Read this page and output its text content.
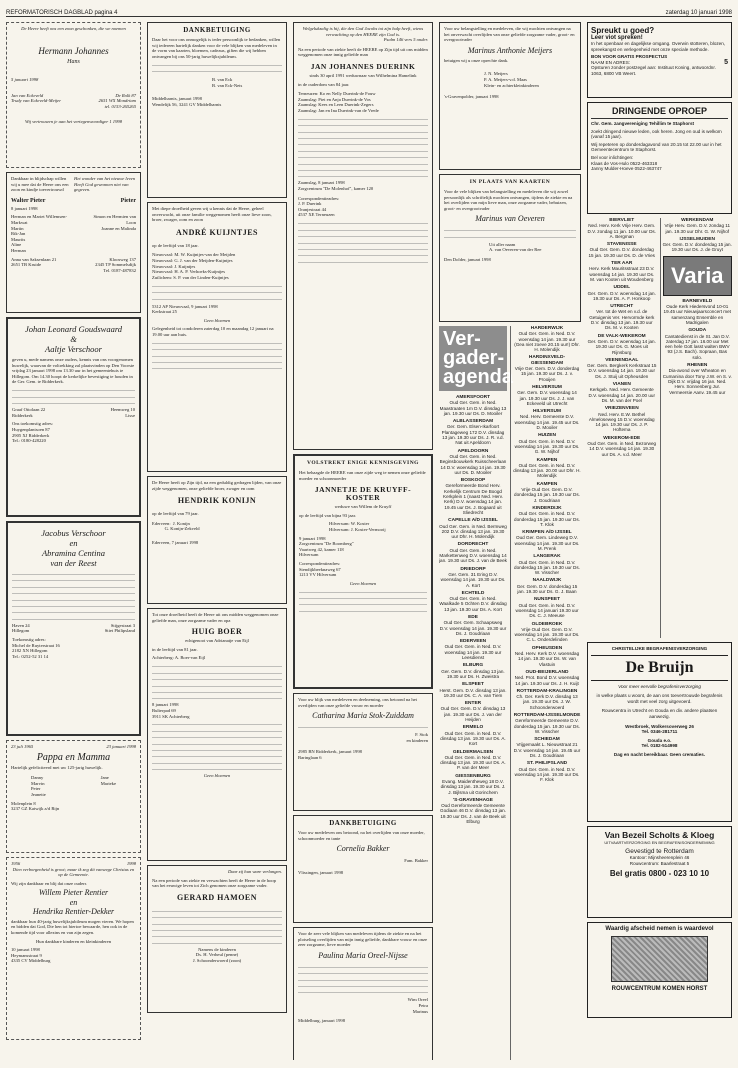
REFORMATORISCH DAGBLAD pagina 4	zaterdag 10 januari 1998
De Heere heeft ons een zoon geschonken, die we noemen
Hermann Johannes
Hans
5 januari 1998
Jan van Eckeveld
Trudy van Eckeveld-Meijer
De Rolk 87
2651 WX Mondriam
tel. 0153-265265
Wij vertrouwen je aan het vertegenwoordiger 1 1998
Dankbaar in blijdschap willen wij u mee dat de Heere ons een zoon en kindje toevertrouwd
Het wonder van het nieuwe leven
Heeft God gewonnen niet van gegeven.
Walter Pieter	Pieter
8 januari 1998
Herman en Mariet Willemsen-Markwat
Martin
Rik-Jan
Maurits
Aline
Herman
Simon en Hermien van Loon
Joanne en Malinda
Anna van Saksenlaan 21
2651 TB Kruide
Kloosweg 137
2345 TP Sommelsdijk
Tel. 0187-487832
Johan Leonard Goudswaard
&
Aaltje Verschoor
geven u, mede namens onze ouders, kennis van ons voorgenomen huwelijk, waarvan de voltrekking zal plaatsvinden op Den Voorste vrijdag 23 januari 1998 om 13.30 uur in het gemeentehuis te Hillegom. Om 14.30 hoopt de kerkelijke bevestiging te houden in de Ger. Gem. te Ridderkerk.
Graaf Ottolaan 22
Ridderkerk
Heemweg 10
Lisse
Ons toekomstig adres:
Huygenplantsoen 87
2905 XJ Ridderkerk
Tel.: 0180-428220
Jacobus Verschoor
en
Abramina Centina
van der Reest
Haven 24
Hillegom
Stijgestraat 3
Stiet Philipsland
Toekomstig adres:
Michel de Ruyterstraat 16
2182 XN Hillegom
Tel.: 0252-52 31 14
23 juli 1965	23 januari 1998
Pappa en Mamma
Hartelijk gefeliciteerd met uw 125-jarig huwelijk.
Danny
Marvin
Peter
Jeanette
Jane
Marieke
Molenplein 8
3237 GZ Katwijk a/d Rijn
1956	1998
Dien verborgenheid is groot; maar ik zeg dit vanwege Christus en op de Gemeente.
Wij zijn dankbaar en blij dat onze ouders
Willem Pieter Rentier
en
Hendrika Rentier-Dekker
dankbaar hun 40-jarig huwelijksjubileum mogen vieren. We hopen en bidden dat God, Die hen tot hiertoe bewaarde, hen ook in de komende tijd voor allezins en van zijn zegen.
Hun dankbare kinderen en kleinkinderen
10 januari 1998
Heymansstraat 9
4335 CV Middelburg
DANKBETUIGING
Daar het voor ons onmogelijk is ieder persoonlijk te bedanken, willen wij iedereen hartelijk danken voor de vele blijken van medeleven in de vorm van kaarten, bloemen, cadeaus, giften die wij hebben ontvangen bij ons 50-jarig huwelijksjubileum.
B. van Eck
B. van Eck-Nets
Middelharnis, januari 1998
Wendelijk 56, 3241 GV Middelharnis
Met diepe droefheid geven wij u kennis dat de Heere, geheel onverwacht, uit onze familie weggenomen heeft onze lieve zoon, broer, zwager, oom en zoon
ANDRÉ KUIJNTJES
op de leeftijd van 18 jaar.
Nieuwvaal: M. W. Kuijntjes-van der Meijden
Nieuwvaal: G. J. van der Meijden-Kuijntjes
Nieuwvaal: J. Kuijntjes
Nieuwvaal: H. A. P. Verhoeks-Kuijntjes
Zuilichem: S. P. van der Linden-Kuijntjes
5312 AP Nieuwvaal, 9 januari 1998
Kerkstraat 25
Geen bloemen
Gelegenheid tot condoleren zaterdag 10 en maandag 12 januari na 19.00 uur aan huis.
De Heere heeft op Zijn tijd, na een geduldig gedragen lijden, van onze zijde weggenomen, onze geliefde broer, zwager en oom
HENDRIK KONIJN
op de leeftijd van 79 jaar.
Ederveen:  J. Konijn
G. Konijn-Zekveld
Ederveen, 7 januari 1998
Tot onze droefheid heeft de Heere uit ons midden weggenomen onze geliefde man, onze zorgzame vader en opa
HUIG BOER
echtgenoot van Adrianatje van Eijl
in de leeftijd van 81 jaar.
Achterberg: A. Boer-van Eijl
8 januari 1998
Bulterpad 69
3911 SK Achterberg
Geen bloemen
Daar zij hun ware verlangen.
Na een periode van ziekte en verwachten heeft de Heere in de hoop van het eeuwige leven tot Zich genomen onze zorgzame vader.
GERARD HAMOEN
Namens de kinderen
Ds. H. Verheul (penne)
J. Schoonderwoerd (zoon)
Welgelukzalig is hij, die den God Jacobs tot zijn hulp heeft, wiens verwachting op den HEERE zijn God is.
Psalm 146 vers 5 onder.
Na een periode van ziekte heeft de HEERE op Zijn tijd uit ons midden weggenomen onze innig geliefde man
JAN JOHANNES DUERINK
sinds 30 april 1991 weduwnaar van Wilhelmina Hamelink
in de ouderdom van 84 jaar.
Terneuzen: Ko en Nelly Duerink-de Fouw
Zaamslag: Piet en Anja Duerink-de Vos
Zaamslag: Kees en Leen Duerink-Zegers
Zaamslag: Jan en Ina Duerink-van de Vrede
Zaamslag, 8 januari 1998
Zorgcentrum "De Molenhof", kamer 120
Correspondentieadres:
J. P. Duerink
Oranjestraat 44
4537 XE Terneuzen
VOLSTREKT ENIGE KENNISGEVING
Het behaagde de HEERE van onze zijde weg te nemen onze geliefde moeder en schoonmoeder
JANNETJE DE KRUYFF-KOSTER
weduwe van Willem de Kruyff
op de leeftijd van bijna 93 jaar.
Hilversum: W. Koster
Hilversum: J. Koster-Vermooij
9 januari 1998
Zorgcentrum "De Boomberg"
Vaartweg 42, kamer 118
Hilversum
Correspondentieadres:
Stendijkbeeknaweg 67
1213 VV Hilversum
Geen bloemen
Voor uw blijk van medeleven en deelneming, ons betoond na het overlijden van onze geliefde vrouw en moeder
Catharina Maria Stok-Zuiddam
F. Stok
en kinderen
2985 BN Ridderkerk, januari 1998
Baringlaan 6
DANKBETUIGING
Voor uw medeleven ons betoond, na het overlijden van onze moeder, schoonmoeder en tante
Cornelia Bakker
Fam. Bakker
Vlissingen, januari 1998
Voor de zeer vele blijken van medeleven tijdens de ziekte en na het plotseling overlijden van mijn innig geliefde, dankbare vrouw en onze zeer zorgzame, lieve moeder
Paulina Maria Oreel-Nijsse
Wim Oreel
Petra
Marinus
Middelburg, januari 1998
Voor uw belangstelling en medeleven, die wij mochten ontvangen na het onverwacht overlijden van onze geliefde zorgzame vader, groot- en overgrootvader
Marinus Anthonie Meijers
betuigen wij u onze oprechte dank.
J. N. Meijers
P. A. Meijers-v.d. Maas
Klein- en achterkleinkinderen
's-Gravenpolder, januari 1998
IN PLAATS VAN KAARTEN
Voor de vele blijken van belangstelling en medeleven die wij zowel persoonlijk als schriftelijk mochten ontvangen, tijdens de ziekte en na het overlijden van mijn lieve man, onze zorgzame vader, behuizen, groot- en overgrootvader
Marinus van Oeveren
Uit aller naam
A. van Oeveren-van der Ree
Den Dolder, januari 1998
Ver-
gader-
agenda
AMERSFOORT
Oud Ger. Gem. in Ned. Maastraaten 1m D.V. dinsdag 13 jan. 19.30 uur Ds. D. Mooiler
ALBLASSERDAM
Ger. Gem. Elsen-Ikarfoort Plantageweg 172 D.V. dinsdag 13 jan. 19.30 uur Ds. J. R. v.d. Nat uit Apeldoorn
APELDOORN
Oud Ger. Gem. in Ned. Beginsbouwkerk Ruisscheerlaan 14 D.V. woensdag 14 jan. 19.30 uur Ds. D. Mooiler
BOSKOOP
Gereformeerde Bond Herv. Kerkelijk Centrum De Boogd Kerkplein 1 (naast Ned. Herv. Kerk) D.V. woensdag 14 jan. 19.45 uur Ds. J. Bogaard uit Sliedrecht
CAPELLE A/D IJSSEL
Oud Ger. Gem. in Ned. Bermweg 202 D.V. dinsdag 13 jan. 19.30 uur Dhr. H. Molendijk
DORDRECHT
Oud Ger. Gem. in Ned. Markettenweg D.V. woensdag 14 jan. 19.30 uur Ds. J. van de Beek
DRIEDORP
Ger. Gem. 31 Ering D.V. woensdag 14 jan. 19.30 uur Ds. A. Kort
ECHTELD
Oud Ger. Gem. in Ned. Waalkade 5 Ochten D.V. dinsdag 13 jan. 19.30 uur Ds. A. Kort
EDE
Oud Ger. Gem. Schaapsweg D.V. woensdag 14 jan. 19.30 uur Ds. J. Goudriaan
EDERVEEN
Oud Ger. Gem. in Ned. D.V. woensdag 14 jan. 19.30 uur Leesdienst
ELBURG
Ger. Gem. D.V. dinsdag 13 jan. 19.30 uur Ds. H. Zweistra
ELSPEET
Herst. Gem. D.V. dinsdag 13 jan. 19.30 uur Ds. C. A. van Tiem
ENTER
Oud Ger. Gem. D.V. dinsdag 13 jan. 19.30 uur Ds. J. van der Heijden
ERMELO
Oud Ger. Gem. in Ned. D.V. dinsdag 13 jan. 19.30 uur Ds. A. Kort
GELDERMALSEN
Oud Ger. Gem. in Ned. D.V. dinsdag 13 jan. 19.30 uur Ds. A. P. van der Meer
GIESSENBURG
Evang. Maidentheweg 18 D.V. dinsdag 13 jan. 19.30 uur Ds. J. J. Bijlsma uit Gorinchem
'S-GRAVENHAGE
Oud Gereformeerde Gemeente Godiaan 46 D.V. dinsdag 13 jan. 19.30 uur Ds. J. van de Beek uit Elburg
HARDERWIJK
Oud Ger. Gem. in Ned. D.V. woensdag 14 jan. 19.30 uur (Gea niet zoeve 20.15 uur!) Dhr. H. Molendijk
HARDINXVELD-GIESSENDAM
Vrije Ger. Gem. D.V. donderdag 15 jan. 19.30 uur Ds. J. v. Prooijen
HELVERSUM
Ger. Gem. D.V. woensdag 14 jan. 19.30 uur Ds. J. J. van Eckeveld uit Utrecht
HILVERSUM
Ned. Herv. Gemeente D.V. woensdag 14 jan. 19.45 uur Ds. D. Mooiler
HUIZEN
Oud Ger. Gem. in Ned. D.V. woensdag 14 jan. 19.30 uur Ds. G. W. Nijhof
KAMPEN
Oud Ger. Gem. in Ned. D.V. dinsdag 13 jan. 20.00 uur Dhr. H. Molendijk
KAMPEN
Vrije Oud Ger. Gem. D.V. donderdag 15 jan. 19.30 uur Ds. J. Goudriaan
KINDERDIJK
Oud Ger. Gem. in Ned. D.V. donderdag 15 jan. 19.30 uur Ds. T. Klok
KRIMPEN A/D IJSSEL
Oud Ger. Gem. Lindeweg D.V. woensdag 14 jan. 19.30 uur Ds. M. Prenk
LANGERAK
Oud Ger. Gem. in Ned. D.V. donderdag 15 jan. 19.30 uur Ds. W. Visscher
NAALDWIJK
Ger. Gem. D.V. donderdag 15 jan. 19.30 uur Ds. G. J. Baan
NUNSPEET
Oud Ger. Gem. in Ned. D.V. woensdag 14 januari 19.30 uur Ds. C. J. Meeuse
OLDEBROEK
Vrije Oud Ger. Gem. D.V. woensdag 14 jan. 19.30 uur Ds. C. L. Onderdelinden
OPHEUSDEN
Ned. Herv. Kerk D.V. woensdag 14 jan. 19.30 uur Ds. W. van Vlastuin
OUD-BEIJERLAND
Ned. Prot. Bond D.V. woensdag 14 jan. 19.30 uur Ds. J. H. Kuijt
ROTTERDAM-KRALINGEN
Ch. Ger. Kerk D.V. dinsdag 13 jan. 19.30 uur Ds. J. W. Schoonderwoerd
ROTTERDAM-IJSSELMONDE
Gereformeerde Gemeente D.V. donderdag 15 jan. 19.30 uur Ds. W. Visscher
SCHIEDAM
Vrijgemaakt L. Nieuwstraat 21 D.V. woensdag 14 jan. 19.45 uur Ds. J. Goudriaan
ST. PHILIPSLAND
Oud Ger. Gem. in Ned. D.V. woensdag 14 jan. 19.30 uur Ds. F. Klok
Spreukt u goed?
Leer viot spreken!
In het openbaar en dagelijkse omgang. Overwin stotteren, blozen, spreekangst en verlegenheid met onze speciale methode.
BON VOOR GRATIS PROSPECTUS
NAAM EN ADRES:	5
Opsturen zonder postzegel aan: Instituut Koning, antwoordnr. 1063, 6800 VB Weert.
DRINGENDE OPROEP
Chr. Gem. zangvereniging Tehillim te Staphorst
zoekt dringend nieuwe leden, ook heren. Jong en oud is welkom (vanaf 15 jaar).
Wij repeteren op donderdagavond van 20.15 tot 22.00 uur in het Gemeentecentrum te Staphorst.
Bel voor inlichtingen:
Klaas de Vos-Hulo 0522-463318
Janny Mulder-Hoeve 0522-463747
BIERVLIET
Ned. Herv. Kerk Vrije Herv. Gem. D.V. zondag 11 jan. 10.00 uur Ds. A. Bergman
STAVENISSE
Oud Ger. Gem. D.V. donderdag 15 jan. 19.30 uur Ds. D. de Vries
TER AAR
Herv. Kerk Mauritsstraat 23 D.V. woensdag 14 jan. 19.30 uur Ds. M. van Kooten uit Woudenberg
UDDEL
Ger. Gem. D.V. woensdag 14 jan. 19.30 uur Ds. A. F. Honkoop
UTRECHT
Ver. tot de Wet en v.d. de Getuigenis Ver. Hervormde kerk D.V. dinsdag 13 jan. 19.30 uur Ds. M. v. Kooten
DE VALK-WEKEROM
Ger. Gem. D.V. woensdag 14 jan. 19.30 uur Ds. G. Moes uit Rijnsburg
VEENENDAAL
Ger. Gem. Bergkerk Kerkstraat 15 D.V. woensdag 14 jan. 19.30 uur Ds. J. Stuij uit Opheusden
VIANEN
Kerkgeb. Ned. Herv. Gemeente D.V. woensdag 14 jan. 20.00 uur Ds. M. van der Poel
VRIEZENVEEN
Ned. Herv. E.W. Bethel Almeloseweg 15 D.V. woensdag 14 jan. 19.30 uur Ds. J. P. Hoftema
WEKEROM-EDE
Oud Ger. Gem. in Ned. Bezorweg 14 D.V. woensdag 14 jan. 19.30 uur Ds. A. v.d. Meer
WERKENDAM
Vrije Herv. Gem. D.V. zondag 11 jan. 19.30 uur Dhr. G. W. Nijhof
IJSSELMUIDEN
Ger. Gem. D.V. donderdag 15 jan. 19.30 uur Ds. J. de Gruyt
Varia
BARNEVELD
Oude Kerk Hiedersvond 10-01 19.45 uur Nieuwjaarsconcert met samenzang Ensemble en Madrigalen
GOUDA
Cantatedienst in de St. Jan D.V. zaterdag 17 jan. 16.00 uur Met een hele Gott lasst walten BWV 93 (J.S. Bach). Sopraan, Bas solo.
RHENEN
Dia-avond over Wheaton en Cumanina door Tony J.W. en S. v. Dijk D.V. vrijdag 16 jan. Ned. Herv. Sonnenberg Jur. Vermeersie Aanv. 19.45 uur
CHRISTELIJKE BEGRAFENISVERZORGING
De Bruijn
Voor meer eervolle begrafenisverzorging
in welke plaats u woont, de aan ons toevertrouwde begrafenis wordt met veel zorg uitgevoerd.
Rouwcentra in Utrecht en Gouda en div. andere plaatsen aanwezig.
Westbroek, Wolkersoverweg 26
Tel. 0346-281711
Gouda e.o.
Tel. 0182-514998
Dag en nacht bereikbaar. Geen crematies.
Van Bezeil Scholts & Kloeg
UITVAARTVERZORGING EN BEGRAFENISONDERNEMING
Gevestigd te Rotterdam
Kantoor: Mijnsheerenplein 46
Rouwcentrum: Baarlestraat 5
Bel gratis 0800 - 023 10 10
Waardig afscheid nemen is waardevol
ROUWCENTRUM KOMEN HORST
